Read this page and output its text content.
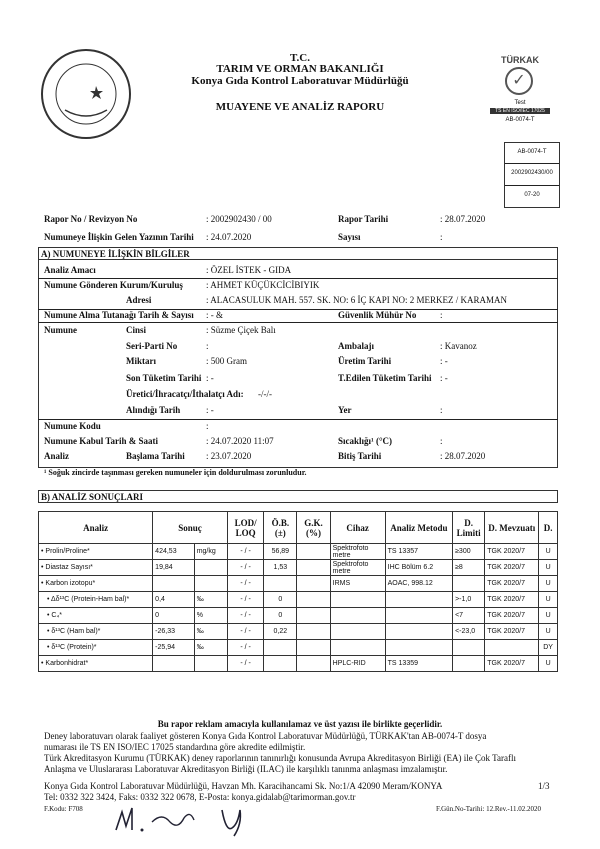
T.C.
TARIM VE ORMAN BAKANLIĞI
Konya Gıda Kontrol Laboratuvar Müdürlüğü
MUAYENE VE ANALİZ RAPORU
TÜRKAK
✓
Test
TS EN ISO/IEC 17025
AB-0074-T
AB-0074-T
2002902430/00
07-20
Rapor No / Revizyon No	: 2002902430 / 00	Rapor Tarihi	: 28.07.2020
Numuneye İlişkin Gelen Yazının Tarihi : 24.07.2020	Sayısı	:
A) NUMUNEYE İLİŞKİN BİLGİLER
Analiz Amacı	: ÖZEL İSTEK - GIDA
Numune Gönderen Kurum/Kuruluş	: AHMET KÜÇÜKCİCİBIYIK
Adresi	: ALACASULUK MAH. 557. SK. NO: 6 İÇ KAPI NO: 2 MERKEZ / KARAMAN
Numune Alma Tutanağı Tarih & Sayısı : - &	Güvenlik Mühür No	:
Numune	Cinsi	: Süzme Çiçek Balı
Seri-Parti No	:	Ambalajı	: Kavanoz
Miktarı	: 500 Gram	Üretim Tarihi	: -
Son Tüketim Tarihi : -	T.Edilen Tüketim Tarihi : -
Üretici/İhracatçı/İthalatçı Adı: -/-/-
Alındığı Tarih	: -	Yer	:
Numune Kodu	:
Numune Kabul Tarih & Saati	: 24.07.2020 11:07	Sıcaklığı¹ (°C)	:
Analiz	Başlama Tarihi : 23.07.2020	Bitiş Tarihi	: 28.07.2020
¹ Soğuk zincirde taşınması gereken numuneler için doldurulması zorunludur.
B) ANALİZ SONUÇLARI
Analiz	Sonuç		LOD/ LOQ	Ö.B. (±)	G.K. (%)	Cihaz	Analiz Metodu	D. Limiti	D. Mevzuatı	D.
• Prolin/Proline*	424,53	mg/kg	- / -	56,89		Spektrofoto metre	TS 13357	≥300	TGK 2020/7	U
• Diastaz Sayısı*	19,84		- / -	1,53		Spektrofoto metre	IHC Bölüm 6.2	≥8	TGK 2020/7	U
• Karbon izotopu*			- / -			IRMS	AOAC, 998.12		TGK 2020/7	U
• Δδ¹³C (Protein-Ham bal)*	0,4	‰	- / -	0				>-1,0	TGK 2020/7	U
• C₄*	0	%	- / -	0				<7	TGK 2020/7	U
• δ¹³C (Ham bal)*	-26,33	‰	- / -	0,22				<-23,0	TGK 2020/7	U
• δ¹³C (Protein)*	-25,94	‰	- / -							DY
• Karbonhidrat*			- / -			HPLC-RID	TS 13359		TGK 2020/7	U
Bu rapor reklam amacıyla kullanılamaz ve üst yazısı ile birlikte geçerlidir.
Deney laboratuvarı olarak faaliyet gösteren Konya Gıda Kontrol Laboratuvar Müdürlüğü, TÜRKAK'tan AB-0074-T dosya
numarası ile TS EN ISO/IEC 17025 standardına göre akredite edilmiştir.
Türk Akreditasyon Kurumu (TÜRKAK) deney raporlarının tanınırlığı konusunda Avrupa Akreditasyon Birliği (EA) ile Çok Taraflı
Anlaşma ve Uluslararası Laboratuvar Akreditasyon Birliği (ILAC) ile karşılıklı tanınma anlaşması imzalamıştır.
Konya Gıda Kontrol Laboratuvar Müdürlüğü, Havzan Mh. Karacihancami Sk. No:1/A 42090 Meram/KONYA	1/3
Tel: 0332 322 3424, Faks: 0332 322 0678, E-Posta: konya.gidalab@tarimorman.gov.tr
F.Kodu: F708	F.Gün.No-Tarihi: 12.Rev.-11.02.2020
